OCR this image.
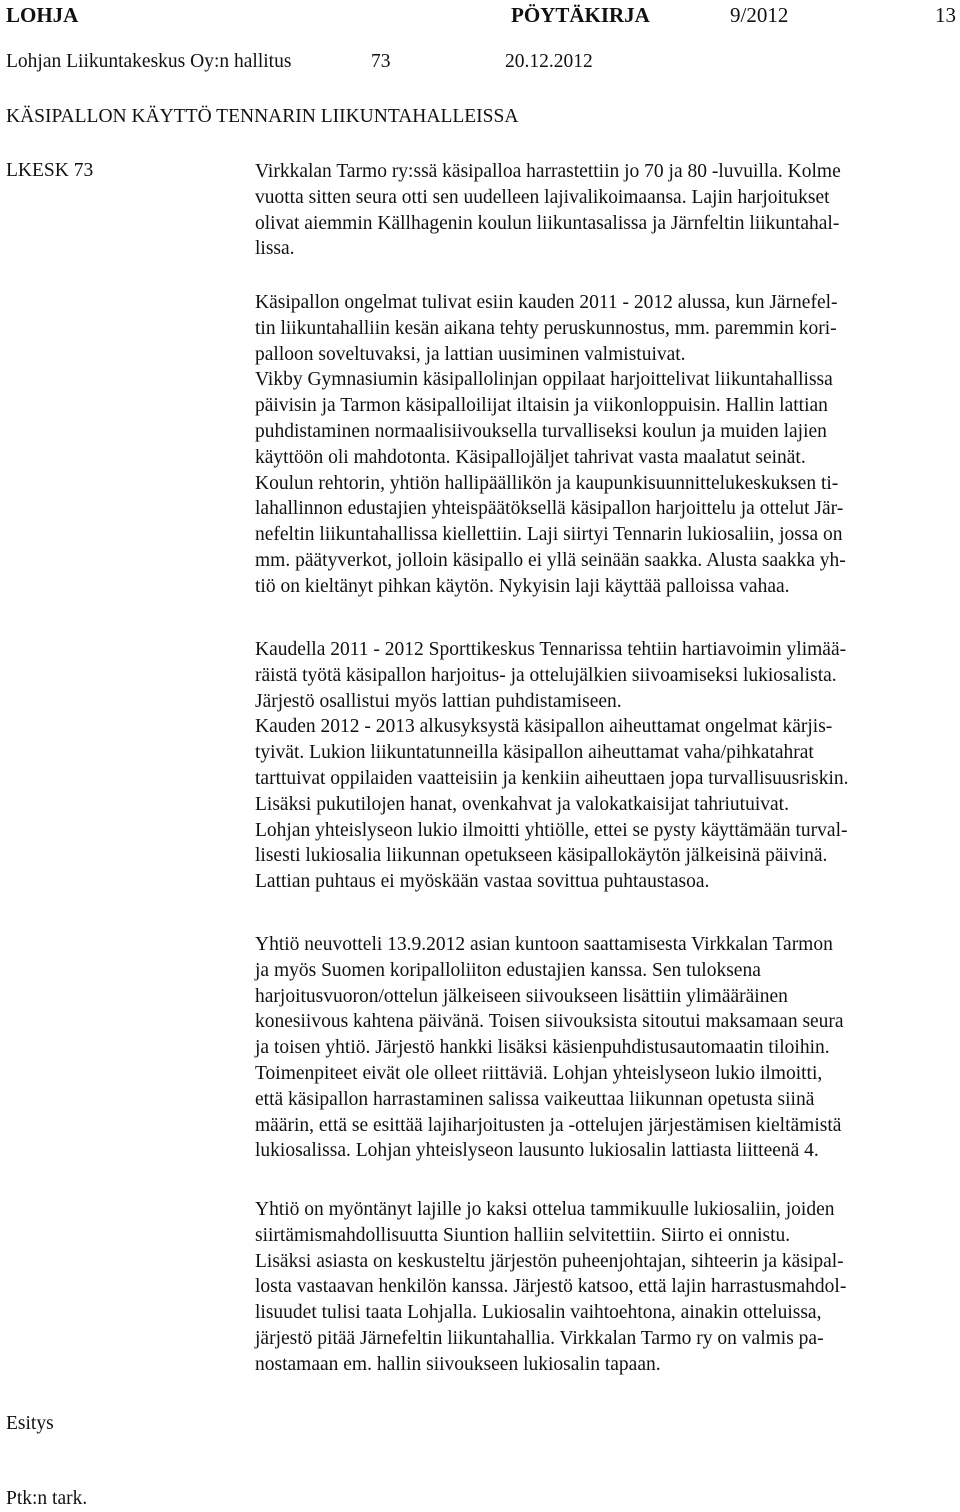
LOHJA	PÖYTÄKIRJA	9/2012	13
Lohjan Liikuntakeskus Oy:n hallitus	73	20.12.2012
KÄSIPALLON KÄYTTÖ TENNARIN LIIKUNTAHALLEISSA
LKESK 73	Virkkalan Tarmo ry:ssä käsipalloa harrastettiin jo 70 ja 80 -luvuilla. Kolme
vuotta sitten seura otti sen uudelleen lajivalikoimaansa. Lajin harjoitukset
olivat aiemmin Källhagenin koulun liikuntasalissa ja Järnfeltin liikuntahal-
lissa.
Käsipallon ongelmat tulivat esiin kauden 2011 - 2012 alussa, kun Järnefel-
tin liikuntahalliin kesän aikana tehty peruskunnostus, mm. paremmin kori-
palloon soveltuvaksi, ja lattian uusiminen valmistuivat.
Vikby Gymnasiumin käsipallolinjan oppilaat harjoittelivat liikuntahallissa
päivisin ja Tarmon käsipalloilijat iltaisin ja viikonloppuisin. Hallin lattian
puhdistaminen normaalisiivouksella turvalliseksi koulun ja muiden lajien
käyttöön oli mahdotonta. Käsipallojäljet tahrivat vasta maalatut seinät.
Koulun rehtorin, yhtiön hallipäällikön ja kaupunkisuunnittelukeskuksen ti-
lahallinnon edustajien yhteispäätöksellä käsipallon harjoittelu ja ottelut Jär-
nefeltin liikuntahallissa kiellettiin. Laji siirtyi Tennarin lukiosaliin, jossa on
mm. päätyverkot, jolloin käsipallo ei yllä seinään saakka. Alusta saakka yh-
tiö on kieltänyt pihkan käytön. Nykyisin laji käyttää palloissa vahaa.
Kaudella 2011 - 2012 Sporttikeskus Tennarissa tehtiin hartiavoimin ylimää-
räistä työtä käsipallon harjoitus- ja ottelujälkien siivoamiseksi lukiosalista.
Järjestö osallistui myös lattian puhdistamiseen.
Kauden 2012 - 2013 alkusyksystä käsipallon aiheuttamat ongelmat kärjis-
tyivät. Lukion liikuntatunneilla käsipallon aiheuttamat vaha/pihkatahrat
tarttuivat oppilaiden vaatteisiin ja kenkiin aiheuttaen jopa turvallisuusriskin.
Lisäksi pukutilojen hanat, ovenkahvat ja valokatkaisijat tahriutuivat.
Lohjan yhteislyseon lukio ilmoitti yhtiölle, ettei se pysty käyttämään turval-
lisesti lukiosalia liikunnan opetukseen käsipallokäytön jälkeisinä päivinä.
Lattian puhtaus ei myöskään vastaa sovittua puhtaustasoa.
Yhtiö neuvotteli 13.9.2012 asian kuntoon saattamisesta Virkkalan Tarmon
ja myös Suomen koripalloliiton edustajien kanssa. Sen tuloksena
harjoitusvuoron/ottelun jälkeiseen siivoukseen lisättiin ylimääräinen
konesiivous kahtena päivänä. Toisen siivouksista sitoutui maksamaan seura
ja toisen yhtiö. Järjestö hankki lisäksi käsienpuhdistusautomaatin tiloihin.
Toimenpiteet eivät ole olleet riittäviä. Lohjan yhteislyseon lukio ilmoitti,
että käsipallon harrastaminen salissa vaikeuttaa liikunnan opetusta siinä
määrin, että se esittää lajiharjoitusten ja -ottelujen järjestämisen kieltämistä
lukiosalissa. Lohjan yhteislyseon lausunto lukiosalin lattiasta liitteenä 4.
Yhtiö on myöntänyt lajille jo kaksi ottelua tammikuulle lukiosaliin, joiden
siirtämismahdollisuutta Siuntion halliin selvitettiin. Siirto ei onnistu.
Lisäksi asiasta on keskusteltu järjestön puheenjohtajan, sihteerin ja käsipal-
losta vastaavan henkilön kanssa. Järjestö katsoo, että lajin harrastusmahdol-
lisuudet tulisi taata Lohjalla. Lukiosalin vaihtoehtona, ainakin otteluissa,
järjestö pitää Järnefeltin liikuntahallia. Virkkalan Tarmo ry on valmis pa-
nostamaan em. hallin siivoukseen lukiosalin tapaan.
Esitys
Ptk:n tark.
